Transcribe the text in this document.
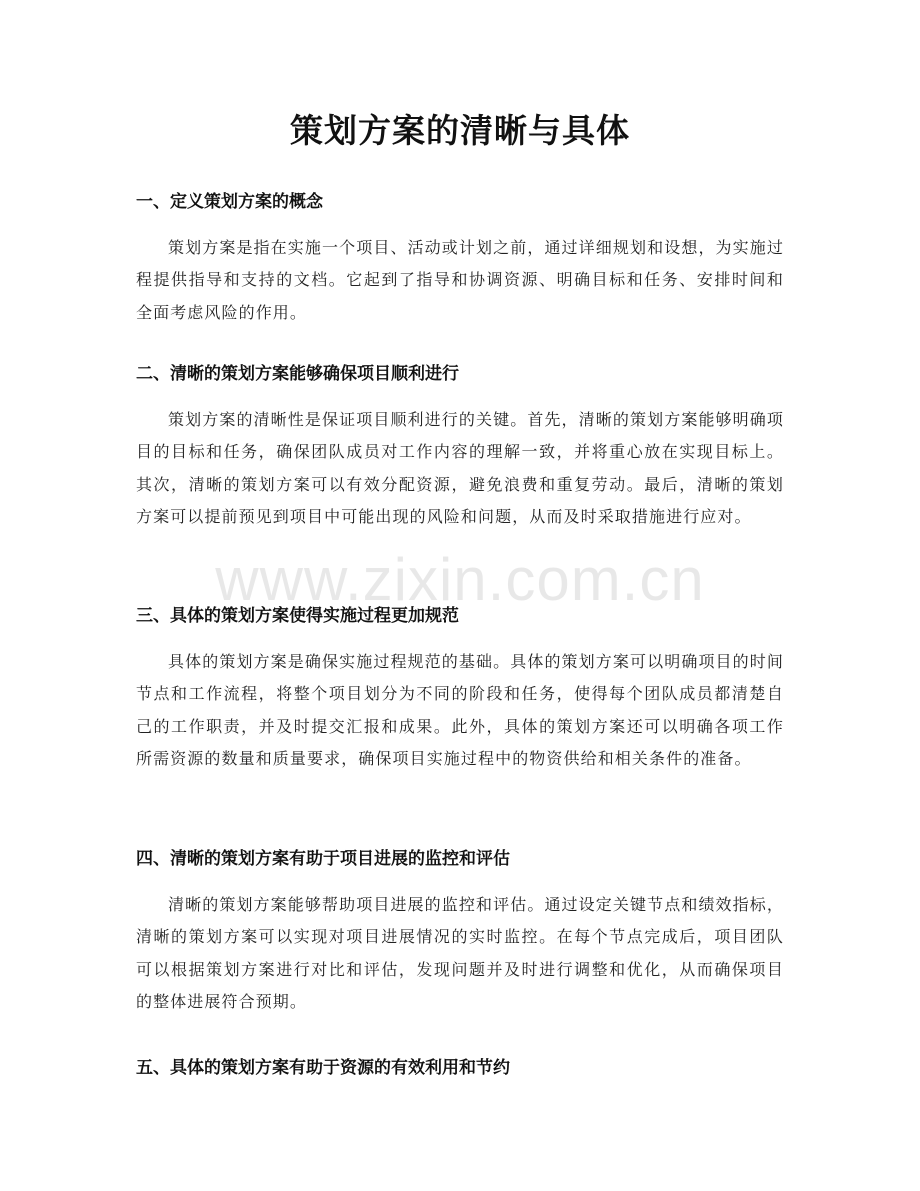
策划方案的清晰与具体
一、定义策划方案的概念
策划方案是指在实施一个项目、活动或计划之前，通过详细规划和设想，为实施过程提供指导和支持的文档。它起到了指导和协调资源、明确目标和任务、安排时间和全面考虑风险的作用。
二、清晰的策划方案能够确保项目顺利进行
策划方案的清晰性是保证项目顺利进行的关键。首先，清晰的策划方案能够明确项目的目标和任务，确保团队成员对工作内容的理解一致，并将重心放在实现目标上。其次，清晰的策划方案可以有效分配资源，避免浪费和重复劳动。最后，清晰的策划方案可以提前预见到项目中可能出现的风险和问题，从而及时采取措施进行应对。
三、具体的策划方案使得实施过程更加规范
具体的策划方案是确保实施过程规范的基础。具体的策划方案可以明确项目的时间节点和工作流程，将整个项目划分为不同的阶段和任务，使得每个团队成员都清楚自己的工作职责，并及时提交汇报和成果。此外，具体的策划方案还可以明确各项工作所需资源的数量和质量要求，确保项目实施过程中的物资供给和相关条件的准备。
四、清晰的策划方案有助于项目进展的监控和评估
清晰的策划方案能够帮助项目进展的监控和评估。通过设定关键节点和绩效指标，清晰的策划方案可以实现对项目进展情况的实时监控。在每个节点完成后，项目团队可以根据策划方案进行对比和评估，发现问题并及时进行调整和优化，从而确保项目的整体进展符合预期。
五、具体的策划方案有助于资源的有效利用和节约
www.zixin.com.cn
